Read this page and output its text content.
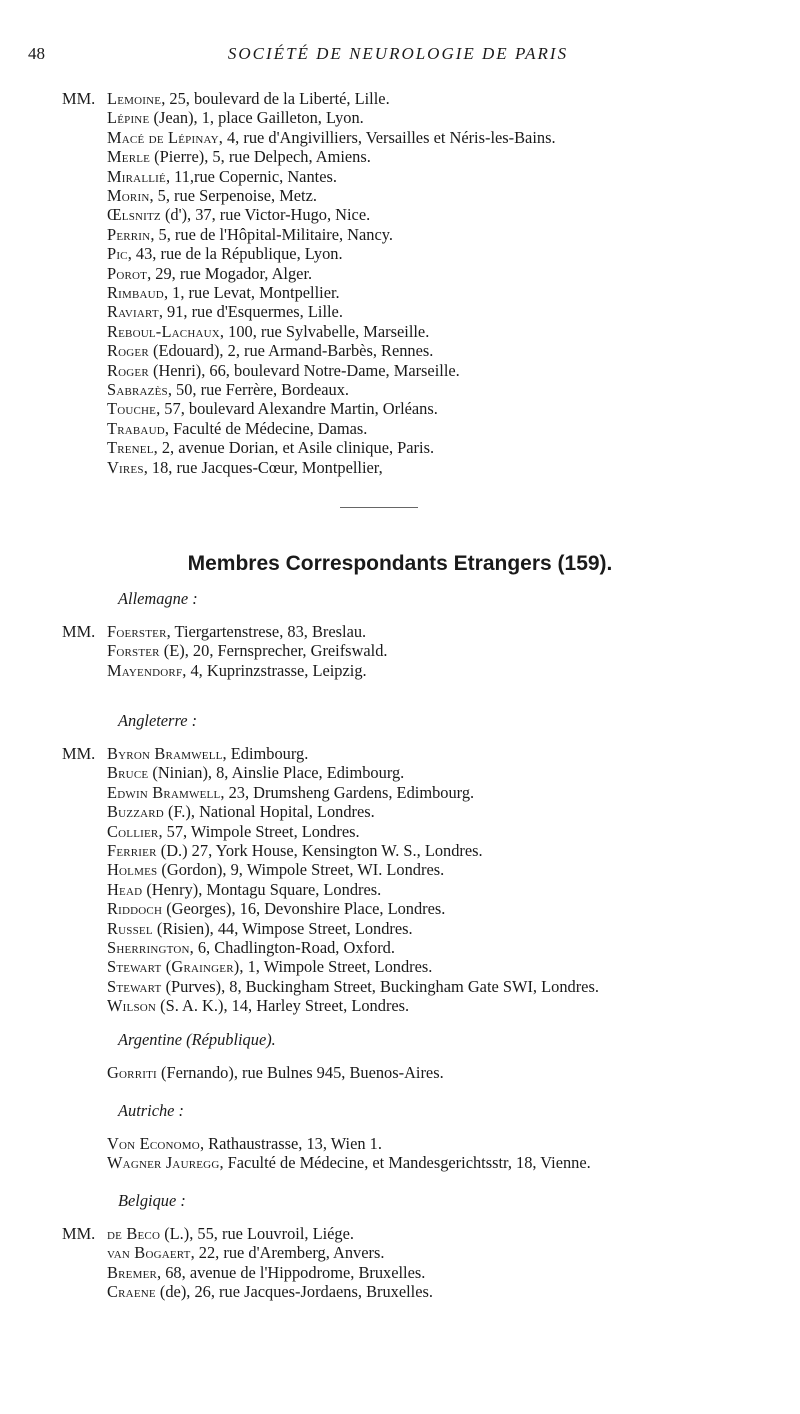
48	SOCIÉTÉ DE NEUROLOGIE DE PARIS
MM. Lemoine, 25, boulevard de la Liberté, Lille.
Lépine (Jean), 1, place Gailleton, Lyon.
Macé de Lépinay, 4, rue d'Angivilliers, Versailles et Néris-les-Bains.
Merle (Pierre), 5, rue Delpech, Amiens.
Mirallié, 11,rue Copernic, Nantes.
Morin, 5, rue Serpenoise, Metz.
Œlsnitz (d'), 37, rue Victor-Hugo, Nice.
Perrin, 5, rue de l'Hôpital-Militaire, Nancy.
Pic, 43, rue de la République, Lyon.
Porot, 29, rue Mogador, Alger.
Rimbaud, 1, rue Levat, Montpellier.
Raviart, 91, rue d'Esquermes, Lille.
Reboul-Lachaux, 100, rue Sylvabelle, Marseille.
Roger (Edouard), 2, rue Armand-Barbès, Rennes.
Roger (Henri), 66, boulevard Notre-Dame, Marseille.
Sabrazès, 50, rue Ferrère, Bordeaux.
Touche, 57, boulevard Alexandre Martin, Orléans.
Trabaud, Faculté de Médecine, Damas.
Trenel, 2, avenue Dorian, et Asile clinique, Paris.
Vires, 18, rue Jacques-Cœur, Montpellier,
Membres Correspondants Etrangers (159).
Allemagne :
MM. Foerster, Tiergartenstrese, 83, Breslau.
Forster (E), 20, Fernsprecher, Greifswald.
Mayendorf, 4, Kuprinzstrasse, Leipzig.
Angleterre :
MM. Byron Bramwell, Edimbourg.
Bruce (Ninian), 8, Ainslie Place, Edimbourg.
Edwin Bramwell, 23, Drumsheng Gardens, Edimbourg.
Buzzard (F.), National Hopital, Londres.
Collier, 57, Wimpole Street, Londres.
Ferrier (D.) 27, York House, Kensington W. S., Londres.
Holmes (Gordon), 9, Wimpole Street, WI. Londres.
Head (Henry), Montagu Square, Londres.
Riddoch (Georges), 16, Devonshire Place, Londres.
Russel (Risien), 44, Wimpose Street, Londres.
Sherrington, 6, Chadlington-Road, Oxford.
Stewart (Grainger), 1, Wimpole Street, Londres.
Stewart (Purves), 8, Buckingham Street, Buckingham Gate SWI, Londres.
Wilson (S. A. K.), 14, Harley Street, Londres.
Argentine (République).
Gorriti (Fernando), rue Bulnes 945, Buenos-Aires.
Autriche :
Von Economo, Rathaustrasse, 13, Wien 1.
Wagner Jauregg, Faculté de Médecine, et Mandesgerichtsstr, 18, Vienne.
Belgique :
MM. de Beco (L.), 55, rue Louvroil, Liége.
van Bogaert, 22, rue d'Aremberg, Anvers.
Bremer, 68, avenue de l'Hippodrome, Bruxelles.
Craene (de), 26, rue Jacques-Jordaens, Bruxelles.
